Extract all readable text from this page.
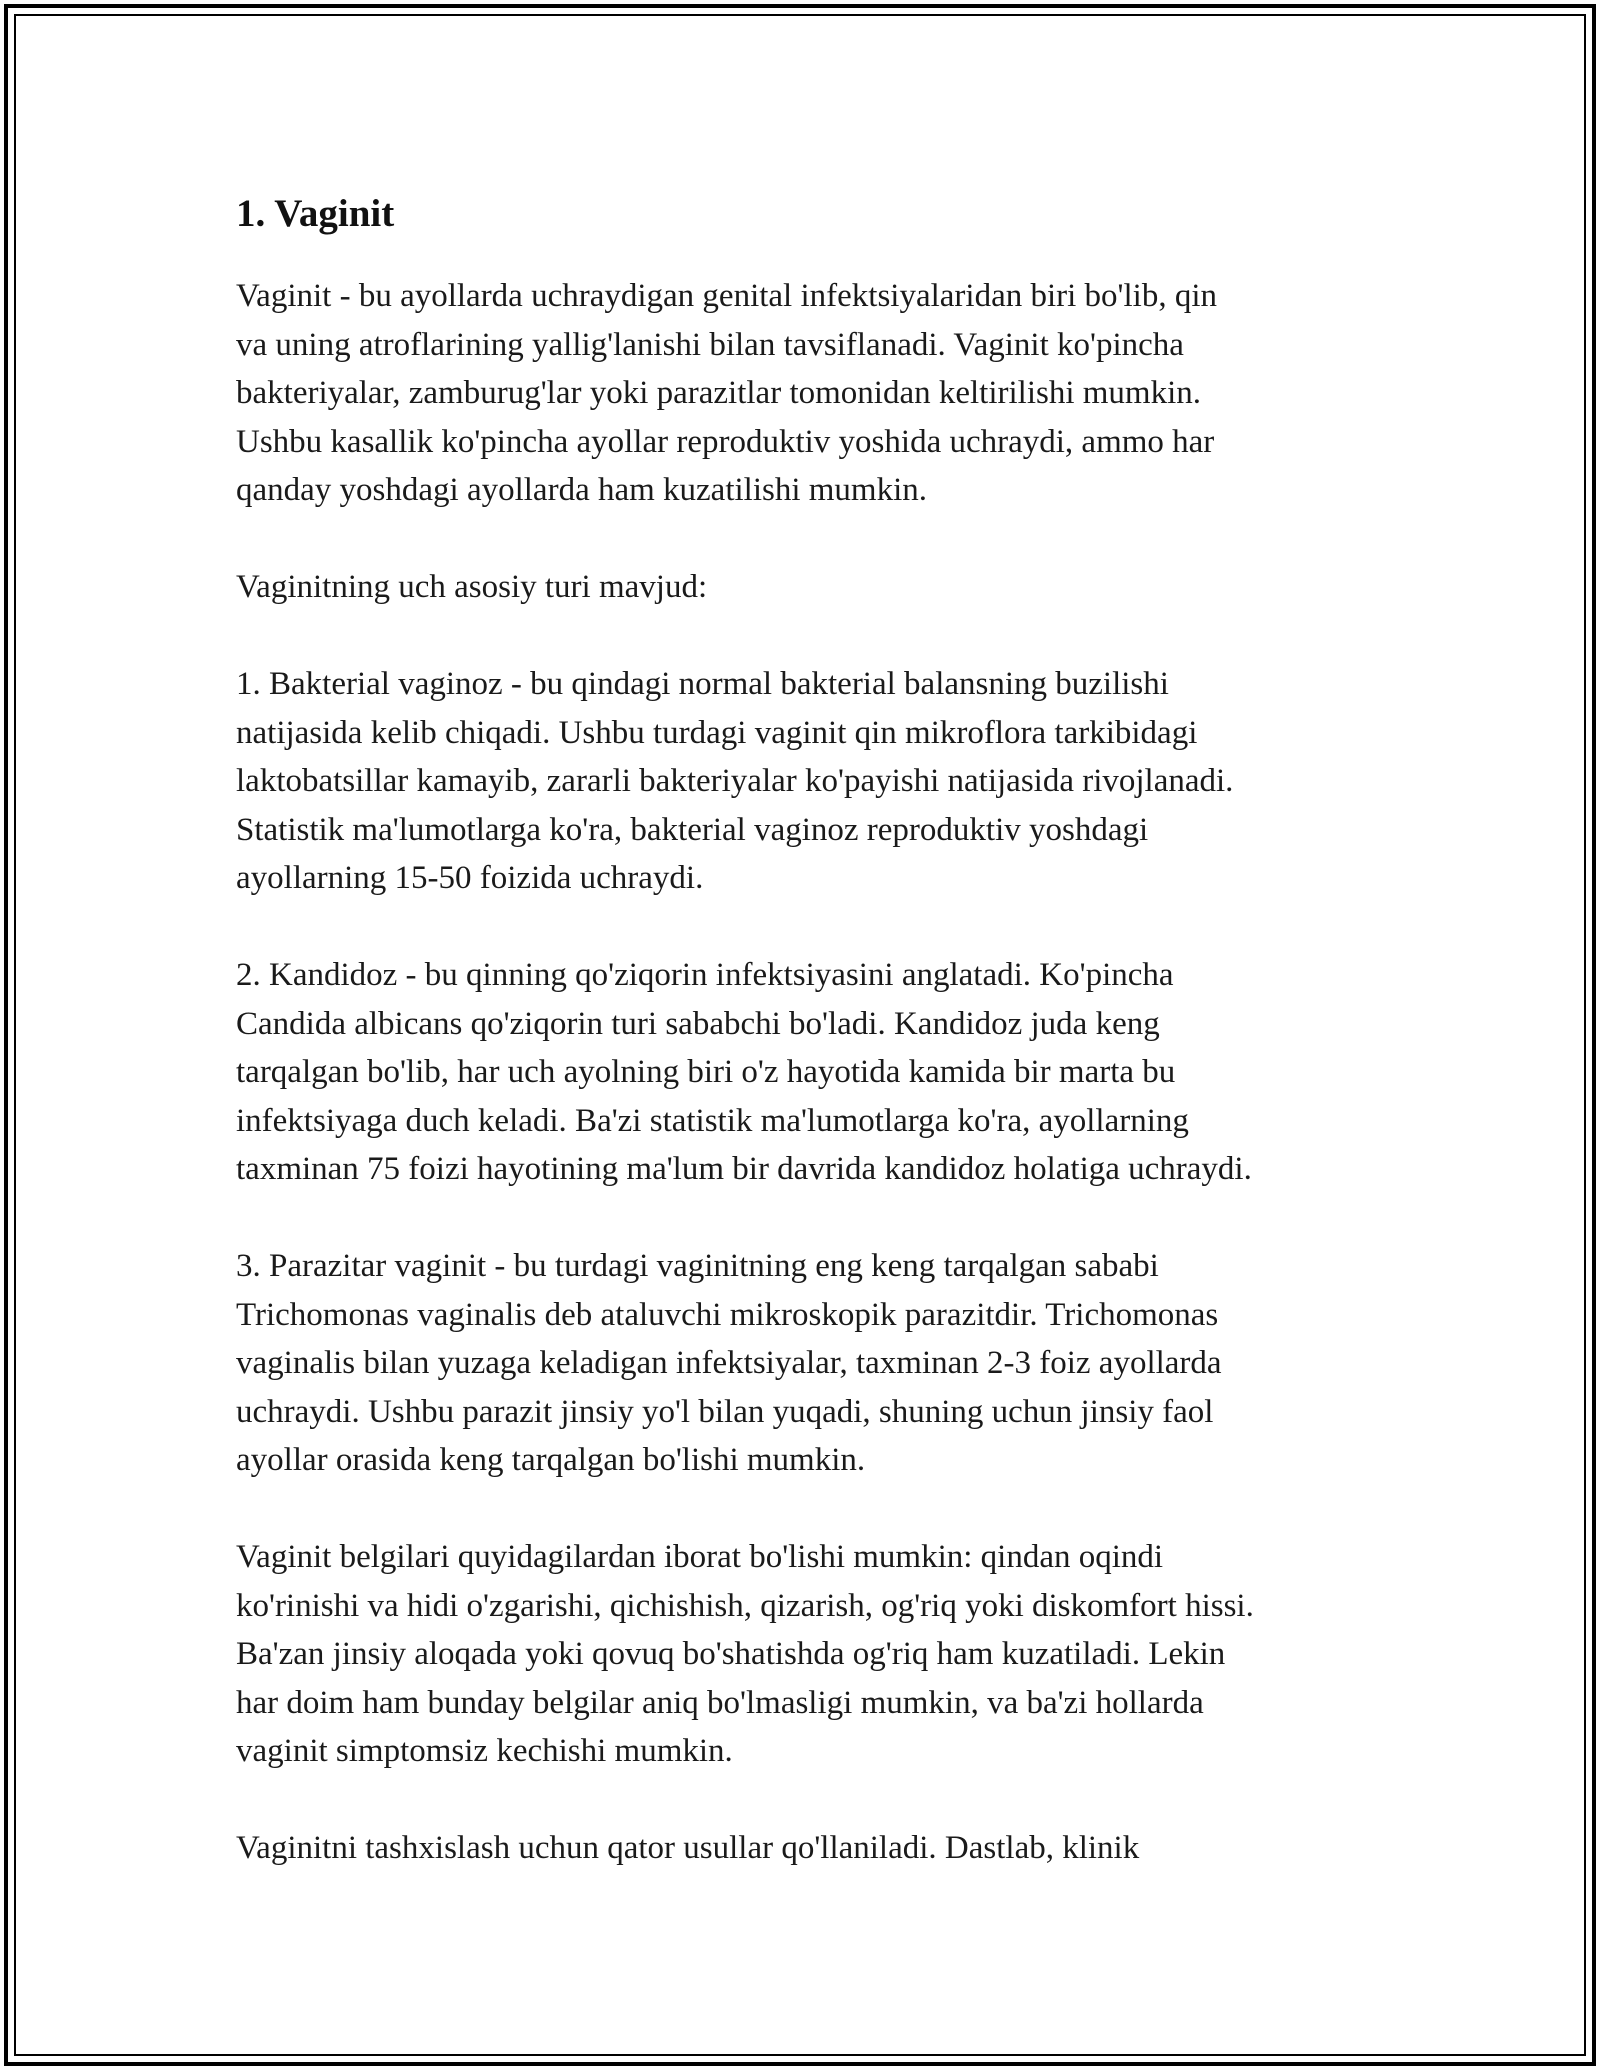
1. Vaginit

Vaginit - bu ayollarda uchraydigan genital infektsiyalaridan biri bo'lib, qin
va uning atroflarining yallig'lanishi bilan tavsiflanadi. Vaginit ko'pincha
bakteriyalar, zamburug'lar yoki parazitlar tomonidan keltirilishi mumkin.
Ushbu kasallik ko'pincha ayollar reproduktiv yoshida uchraydi, ammo har
qanday yoshdagi ayollarda ham kuzatilishi mumkin.

Vaginitning uch asosiy turi mavjud:

1. Bakterial vaginoz - bu qindagi normal bakterial balansning buzilishi
natijasida kelib chiqadi. Ushbu turdagi vaginit qin mikroflora tarkibidagi
laktobatsillar kamayib, zararli bakteriyalar ko'payishi natijasida rivojlanadi.
Statistik ma'lumotlarga ko'ra, bakterial vaginoz reproduktiv yoshdagi
ayollarning 15-50 foizida uchraydi.

2. Kandidoz - bu qinning qo'ziqorin infektsiyasini anglatadi. Ko'pincha
Candida albicans qo'ziqorin turi sababchi bo'ladi. Kandidoz juda keng
tarqalgan bo'lib, har uch ayolning biri o'z hayotida kamida bir marta bu
infektsiyaga duch keladi. Ba'zi statistik ma'lumotlarga ko'ra, ayollarning
taxminan 75 foizi hayotining ma'lum bir davrida kandidoz holatiga uchraydi.

3. Parazitar vaginit - bu turdagi vaginitning eng keng tarqalgan sababi
Trichomonas vaginalis deb ataluvchi mikroskopik parazitdir. Trichomonas
vaginalis bilan yuzaga keladigan infektsiyalar, taxminan 2-3 foiz ayollarda
uchraydi. Ushbu parazit jinsiy yo'l bilan yuqadi, shuning uchun jinsiy faol
ayollar orasida keng tarqalgan bo'lishi mumkin.

Vaginit belgilari quyidagilardan iborat bo'lishi mumkin: qindan oqindi
ko'rinishi va hidi o'zgarishi, qichishish, qizarish, og'riq yoki diskomfort hissi.
Ba'zan jinsiy aloqada yoki qovuq bo'shatishda og'riq ham kuzatiladi. Lekin
har doim ham bunday belgilar aniq bo'lmasligi mumkin, va ba'zi hollarda
vaginit simptomsiz kechishi mumkin.

Vaginitni tashxislash uchun qator usullar qo'llaniladi. Dastlab, klinik
